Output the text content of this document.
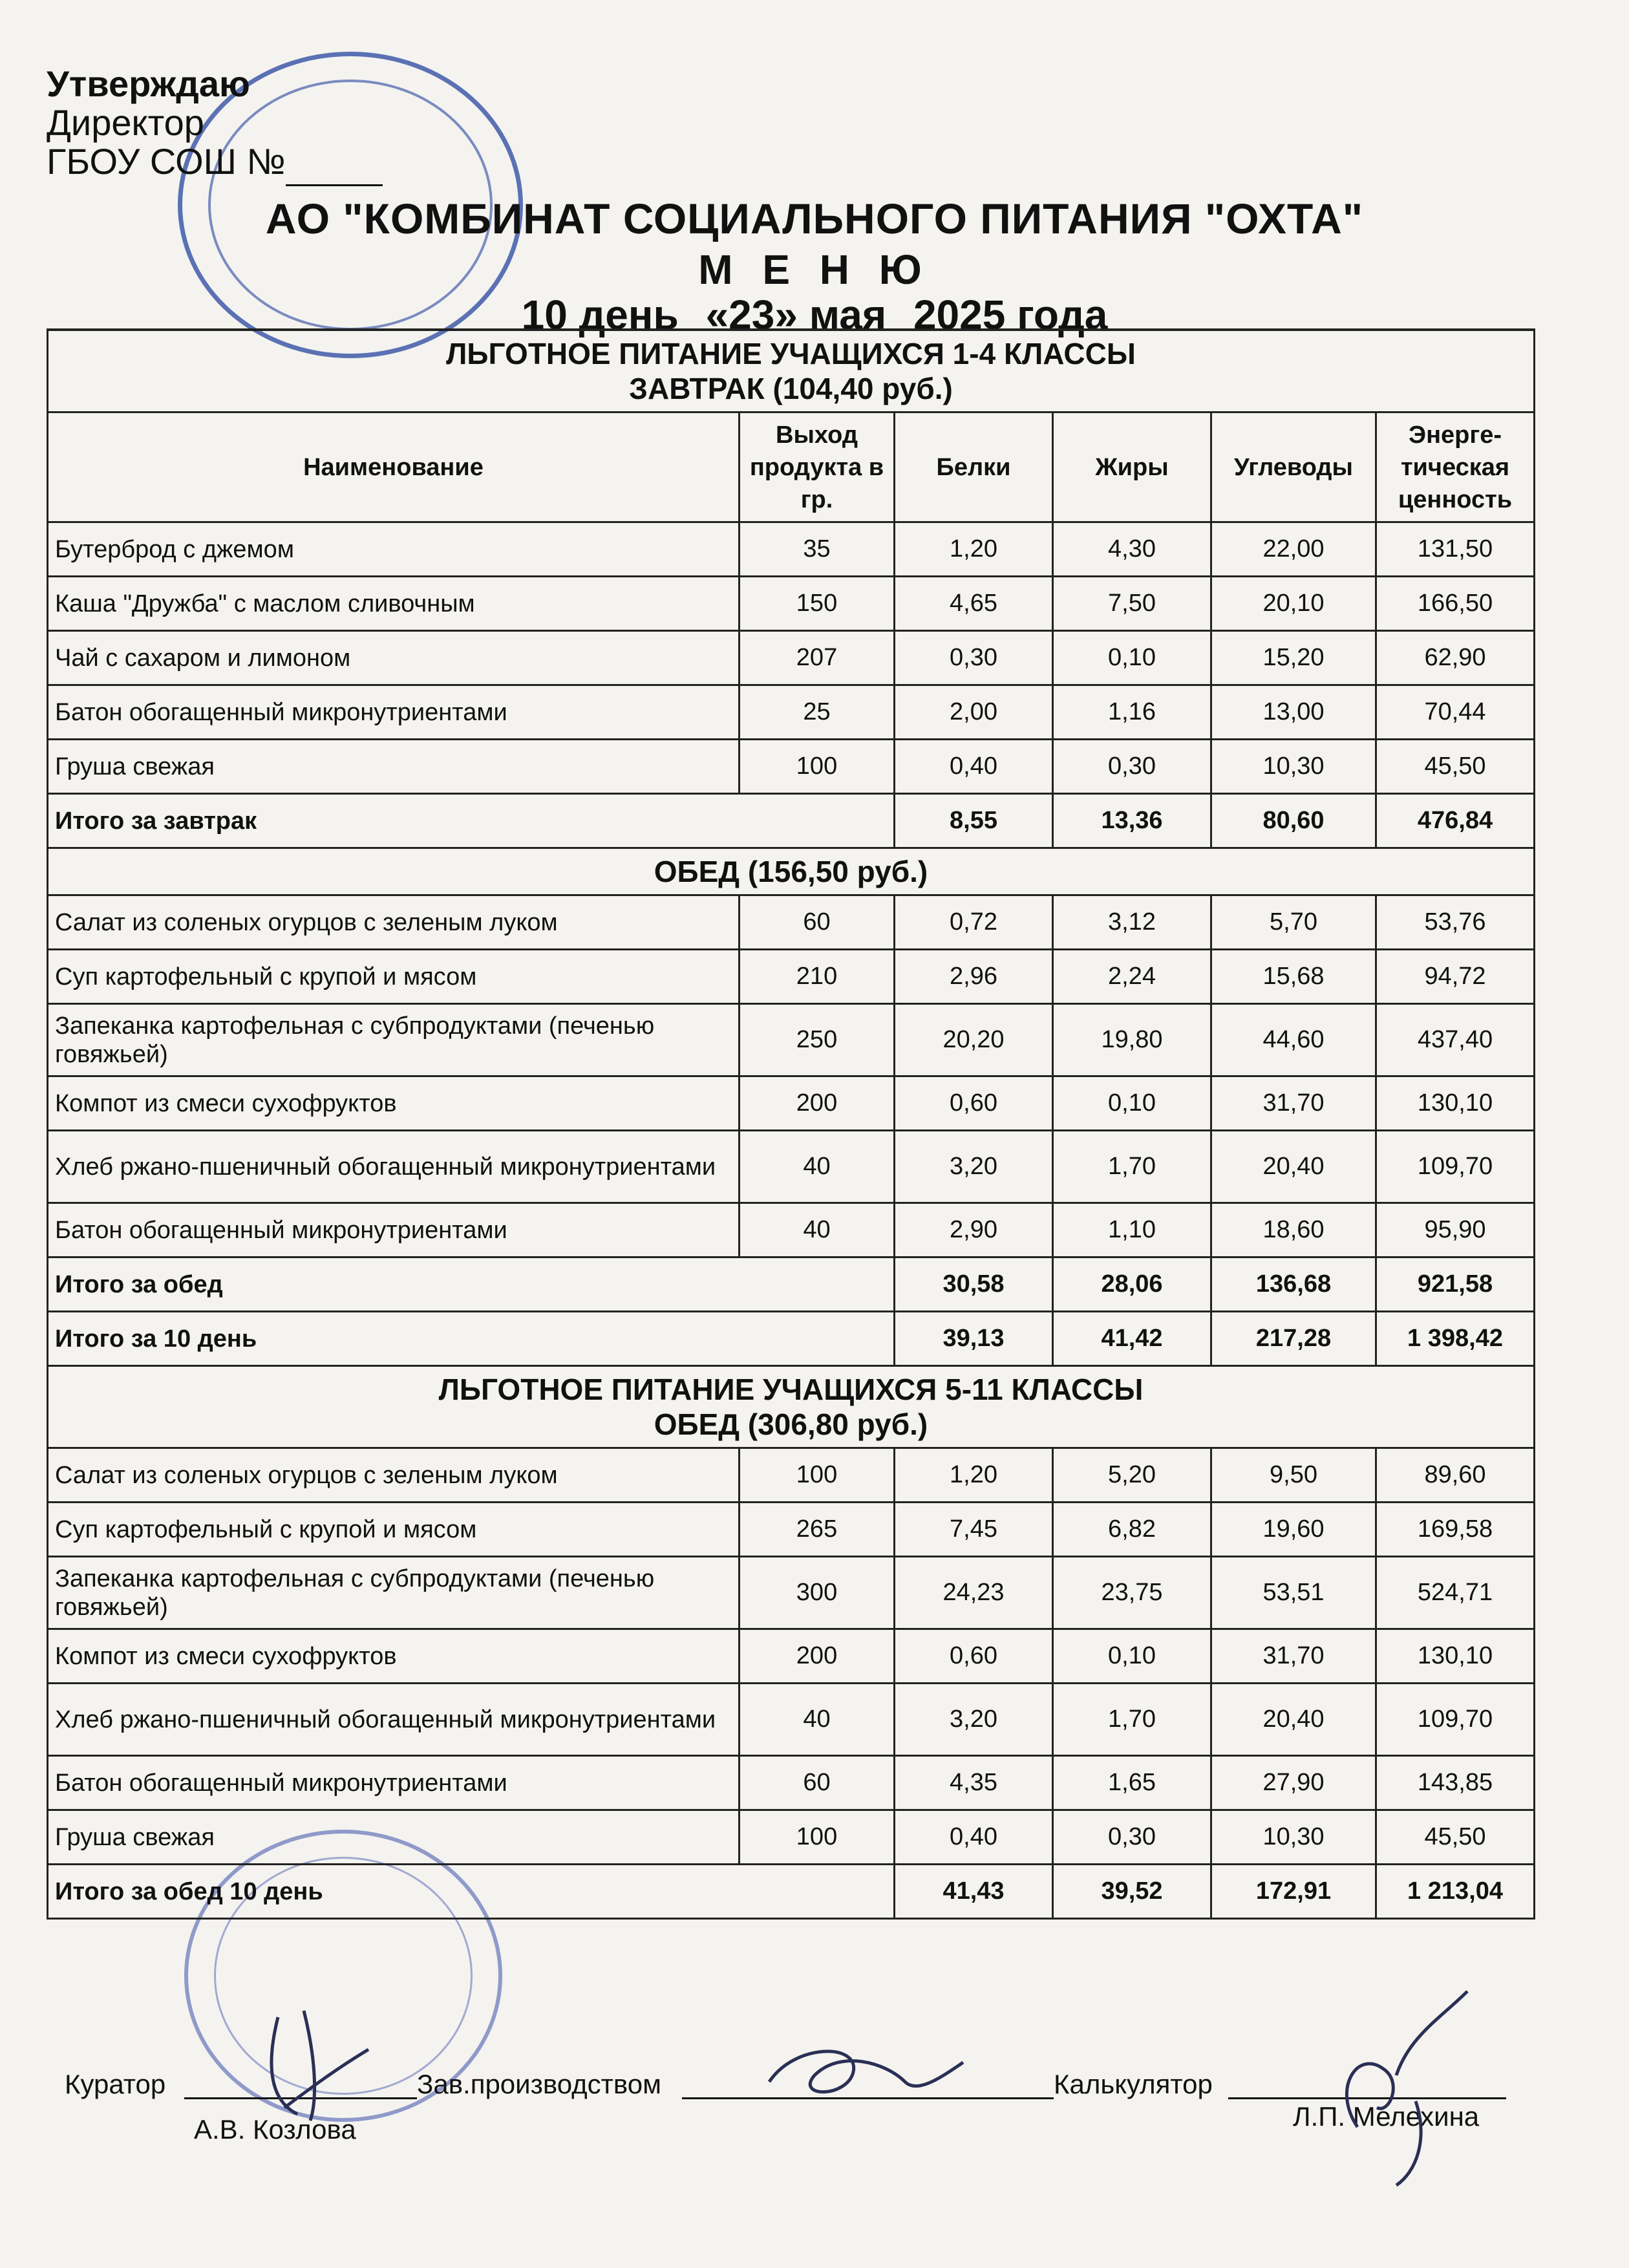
Утверждаю
Директор
ГБОУ СОШ №
АО "КОМБИНАТ СОЦИАЛЬНОГО ПИТАНИЯ "ОХТА"
М Е Н Ю
10 день «23» мая 2025 года
ЛЬГОТНОЕ ПИТАНИЕ УЧАЩИХСЯ 1-4 КЛАССЫ
ЗАВТРАК (104,40 руб.)					

Наименование	Выход продукта в гр.	Белки	Жиры	Углеводы	Энерге-тическая ценность
Бутерброд с джемом	35	1,20	4,30	22,00	131,50
Каша "Дружба" с маслом сливочным	150	4,65	7,50	20,10	166,50
Чай с сахаром и лимоном	207	0,30	0,10	15,20	62,90
Батон обогащенный микронутриентами	25	2,00	1,16	13,00	70,44
Груша свежая	100	0,40	0,30	10,30	45,50
Итого за завтрак		8,55	13,36	80,60	476,84

ОБЕД (156,50 руб.)					

Салат из соленых огурцов с зеленым луком	60	0,72	3,12	5,70	53,76
Суп картофельный с крупой и мясом	210	2,96	2,24	15,68	94,72
Запеканка картофельная с субпродуктами (печенью говяжьей)	250	20,20	19,80	44,60	437,40
Компот из смеси сухофруктов	200	0,60	0,10	31,70	130,10
Хлеб ржано-пшеничный обогащенный микронутриентами	40	3,20	1,70	20,40	109,70
Батон обогащенный микронутриентами	40	2,90	1,10	18,60	95,90
Итого за обед		30,58	28,06	136,68	921,58
Итого за 10 день		39,13	41,42	217,28	1 398,42

ЛЬГОТНОЕ ПИТАНИЕ УЧАЩИХСЯ 5-11 КЛАССЫ
ОБЕД (306,80 руб.)					

Салат из соленых огурцов с зеленым луком	100	1,20	5,20	9,50	89,60
Суп картофельный с крупой и мясом	265	7,45	6,82	19,60	169,58
Запеканка картофельная с субпродуктами (печенью говяжьей)	300	24,23	23,75	53,51	524,71
Компот из смеси сухофруктов	200	0,60	0,10	31,70	130,10
Хлеб ржано-пшеничный обогащенный микронутриентами	40	3,20	1,70	20,40	109,70
Батон обогащенный микронутриентами	60	4,35	1,65	27,90	143,85
Груша свежая	100	0,40	0,30	10,30	45,50
Итого за обед 10 день		41,43	39,52	172,91	1 213,04
Куратор	Зав.производством	Калькулятор
А.В. Козлова	Л.П. Мелехина
